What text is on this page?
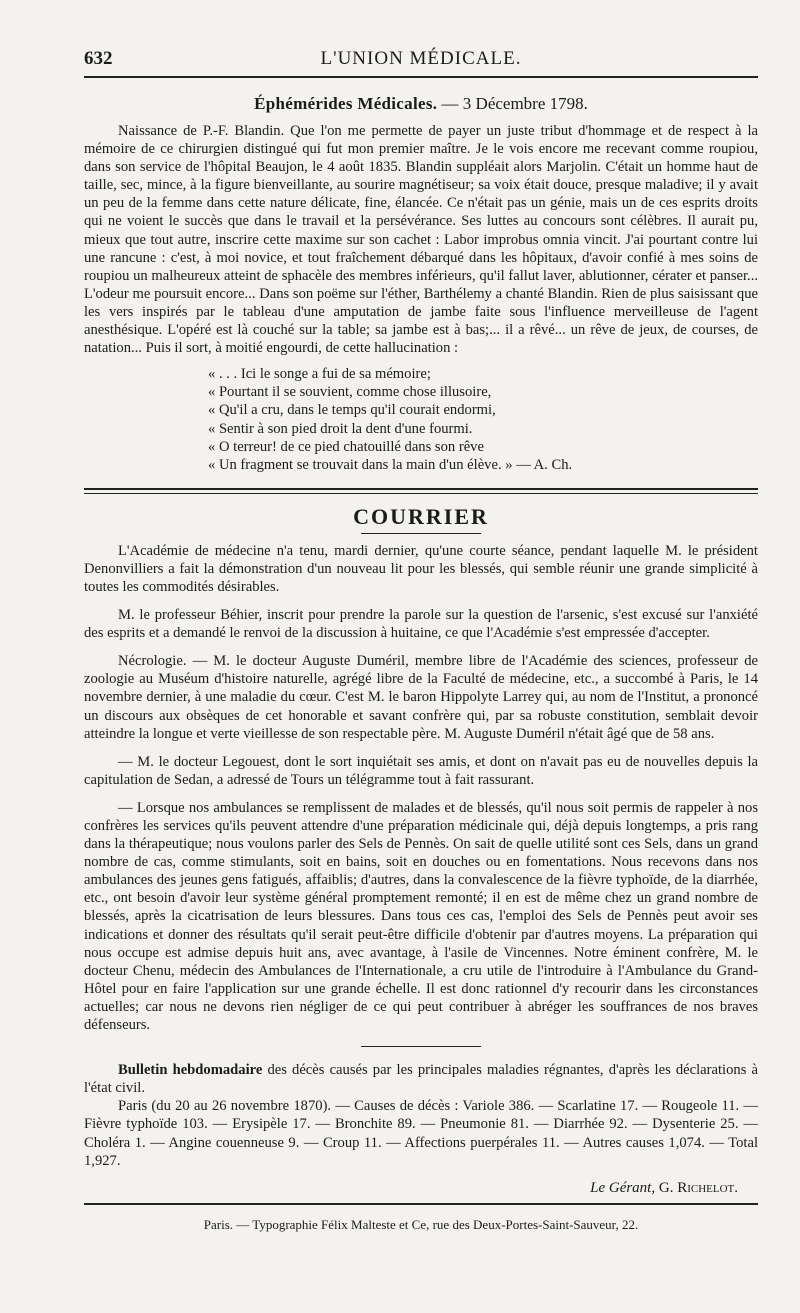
632	L'UNION MÉDICALE.
Éphémérides Médicales. — 3 Décembre 1798.

Naissance de P.-F. Blandin. Que l'on me permette de payer un juste tribut d'hommage et de respect à la mémoire de ce chirurgien distingué qui fut mon premier maître. Je le vois encore me recevant comme roupiou, dans son service de l'hôpital Beaujon, le 4 août 1835. Blandin suppléait alors Marjolin. C'était un homme haut de taille, sec, mince, à la figure bienveillante, au sourire magnétiseur; sa voix était douce, presque maladive; il y avait un peu de la femme dans cette nature délicate, fine, élancée. Ce n'était pas un génie, mais un de ces esprits droits qui ne voient le succès que dans le travail et la persévérance. Ses luttes au concours sont célèbres. Il aurait pu, mieux que tout autre, inscrire cette maxime sur son cachet : Labor improbus omnia vincit. J'ai pourtant contre lui une rancune : c'est, à moi novice, et tout fraîchement débarqué dans les hôpitaux, d'avoir confié à mes soins de roupiou un malheureux atteint de sphacèle des membres inférieurs, qu'il fallut laver, ablutionner, cérater et panser... L'odeur me poursuit encore... Dans son poëme sur l'éther, Barthélemy a chanté Blandin. Rien de plus saisissant que les vers inspirés par le tableau d'une amputation de jambe faite sous l'influence merveilleuse de l'agent anesthésique. L'opéré est là couché sur la table; sa jambe est à bas;... il a rêvé... un rêve de jeux, de courses, de natation... Puis il sort, à moitié engourdi, de cette hallucination :

« . . . Ici le songe a fui de sa mémoire;
« Pourtant il se souvient, comme chose illusoire,
« Qu'il a cru, dans le temps qu'il courait endormi,
« Sentir à son pied droit la dent d'une fourmi.
« O terreur! de ce pied chatouillé dans son rêve
« Un fragment se trouvait dans la main d'un élève. » — A. Ch.
COURRIER

L'Académie de médecine n'a tenu, mardi dernier, qu'une courte séance, pendant laquelle M. le président Denonvilliers a fait la démonstration d'un nouveau lit pour les blessés, qui semble réunir une grande simplicité à toutes les commodités désirables.

M. le professeur Béhier, inscrit pour prendre la parole sur la question de l'arsenic, s'est excusé sur l'anxiété des esprits et a demandé le renvoi de la discussion à huitaine, ce que l'Académie s'est empressée d'accepter.

Nécrologie. — M. le docteur Auguste Duméril, membre libre de l'Académie des sciences, professeur de zoologie au Muséum d'histoire naturelle, agrégé libre de la Faculté de médecine, etc., a succombé à Paris, le 14 novembre dernier, à une maladie du cœur. C'est M. le baron Hippolyte Larrey qui, au nom de l'Institut, a prononcé un discours aux obsèques de cet honorable et savant confrère qui, par sa robuste constitution, semblait devoir atteindre la longue et verte vieillesse de son respectable père. M. Auguste Duméril n'était âgé que de 58 ans.

— M. le docteur Legouest, dont le sort inquiétait ses amis, et dont on n'avait pas eu de nouvelles depuis la capitulation de Sedan, a adressé de Tours un télégramme tout à fait rassurant.

— Lorsque nos ambulances se remplissent de malades et de blessés, qu'il nous soit permis de rappeler à nos confrères les services qu'ils peuvent attendre d'une préparation médicinale qui, déjà depuis longtemps, a pris rang dans la thérapeutique; nous voulons parler des Sels de Pennès. On sait de quelle utilité sont ces Sels, dans un grand nombre de cas, comme stimulants, soit en bains, soit en douches ou en fomentations. Nous recevons dans nos ambulances des jeunes gens fatigués, affaiblis; d'autres, dans la convalescence de la fièvre typhoïde, de la diarrhée, etc., ont besoin d'avoir leur système général promptement remonté; il en est de même chez un grand nombre de blessés, après la cicatrisation de leurs blessures. Dans tous ces cas, l'emploi des Sels de Pennès peut avoir ses indications et donner des résultats qu'il serait peut-être difficile d'obtenir par d'autres moyens. La préparation qui nous occupe est admise depuis huit ans, avec avantage, à l'asile de Vincennes. Notre éminent confrère, M. le docteur Chenu, médecin des Ambulances de l'Internationale, a cru utile de l'introduire à l'Ambulance du Grand-Hôtel pour en faire l'application sur une grande échelle. Il est donc rationnel d'y recourir dans les circonstances actuelles; car nous ne devons rien négliger de ce qui peut contribuer à abréger les souffrances de nos braves défenseurs.

Bulletin hebdomadaire des décès causés par les principales maladies régnantes, d'après les déclarations à l'état civil.

Paris (du 20 au 26 novembre 1870). — Causes de décès : Variole 386. — Scarlatine 17. — Rougeole 11. — Fièvre typhoïde 103. — Erysipèle 17. — Bronchite 89. — Pneumonie 81. — Diarrhée 92. — Dysenterie 25. — Choléra 1. — Angine couenneuse 9. — Croup 11. — Affections puerpérales 11. — Autres causes 1,074. — Total 1,927.

Le Gérant, G. Richelot.
Paris. — Typographie Félix Malteste et Ce, rue des Deux-Portes-Saint-Sauveur, 22.
